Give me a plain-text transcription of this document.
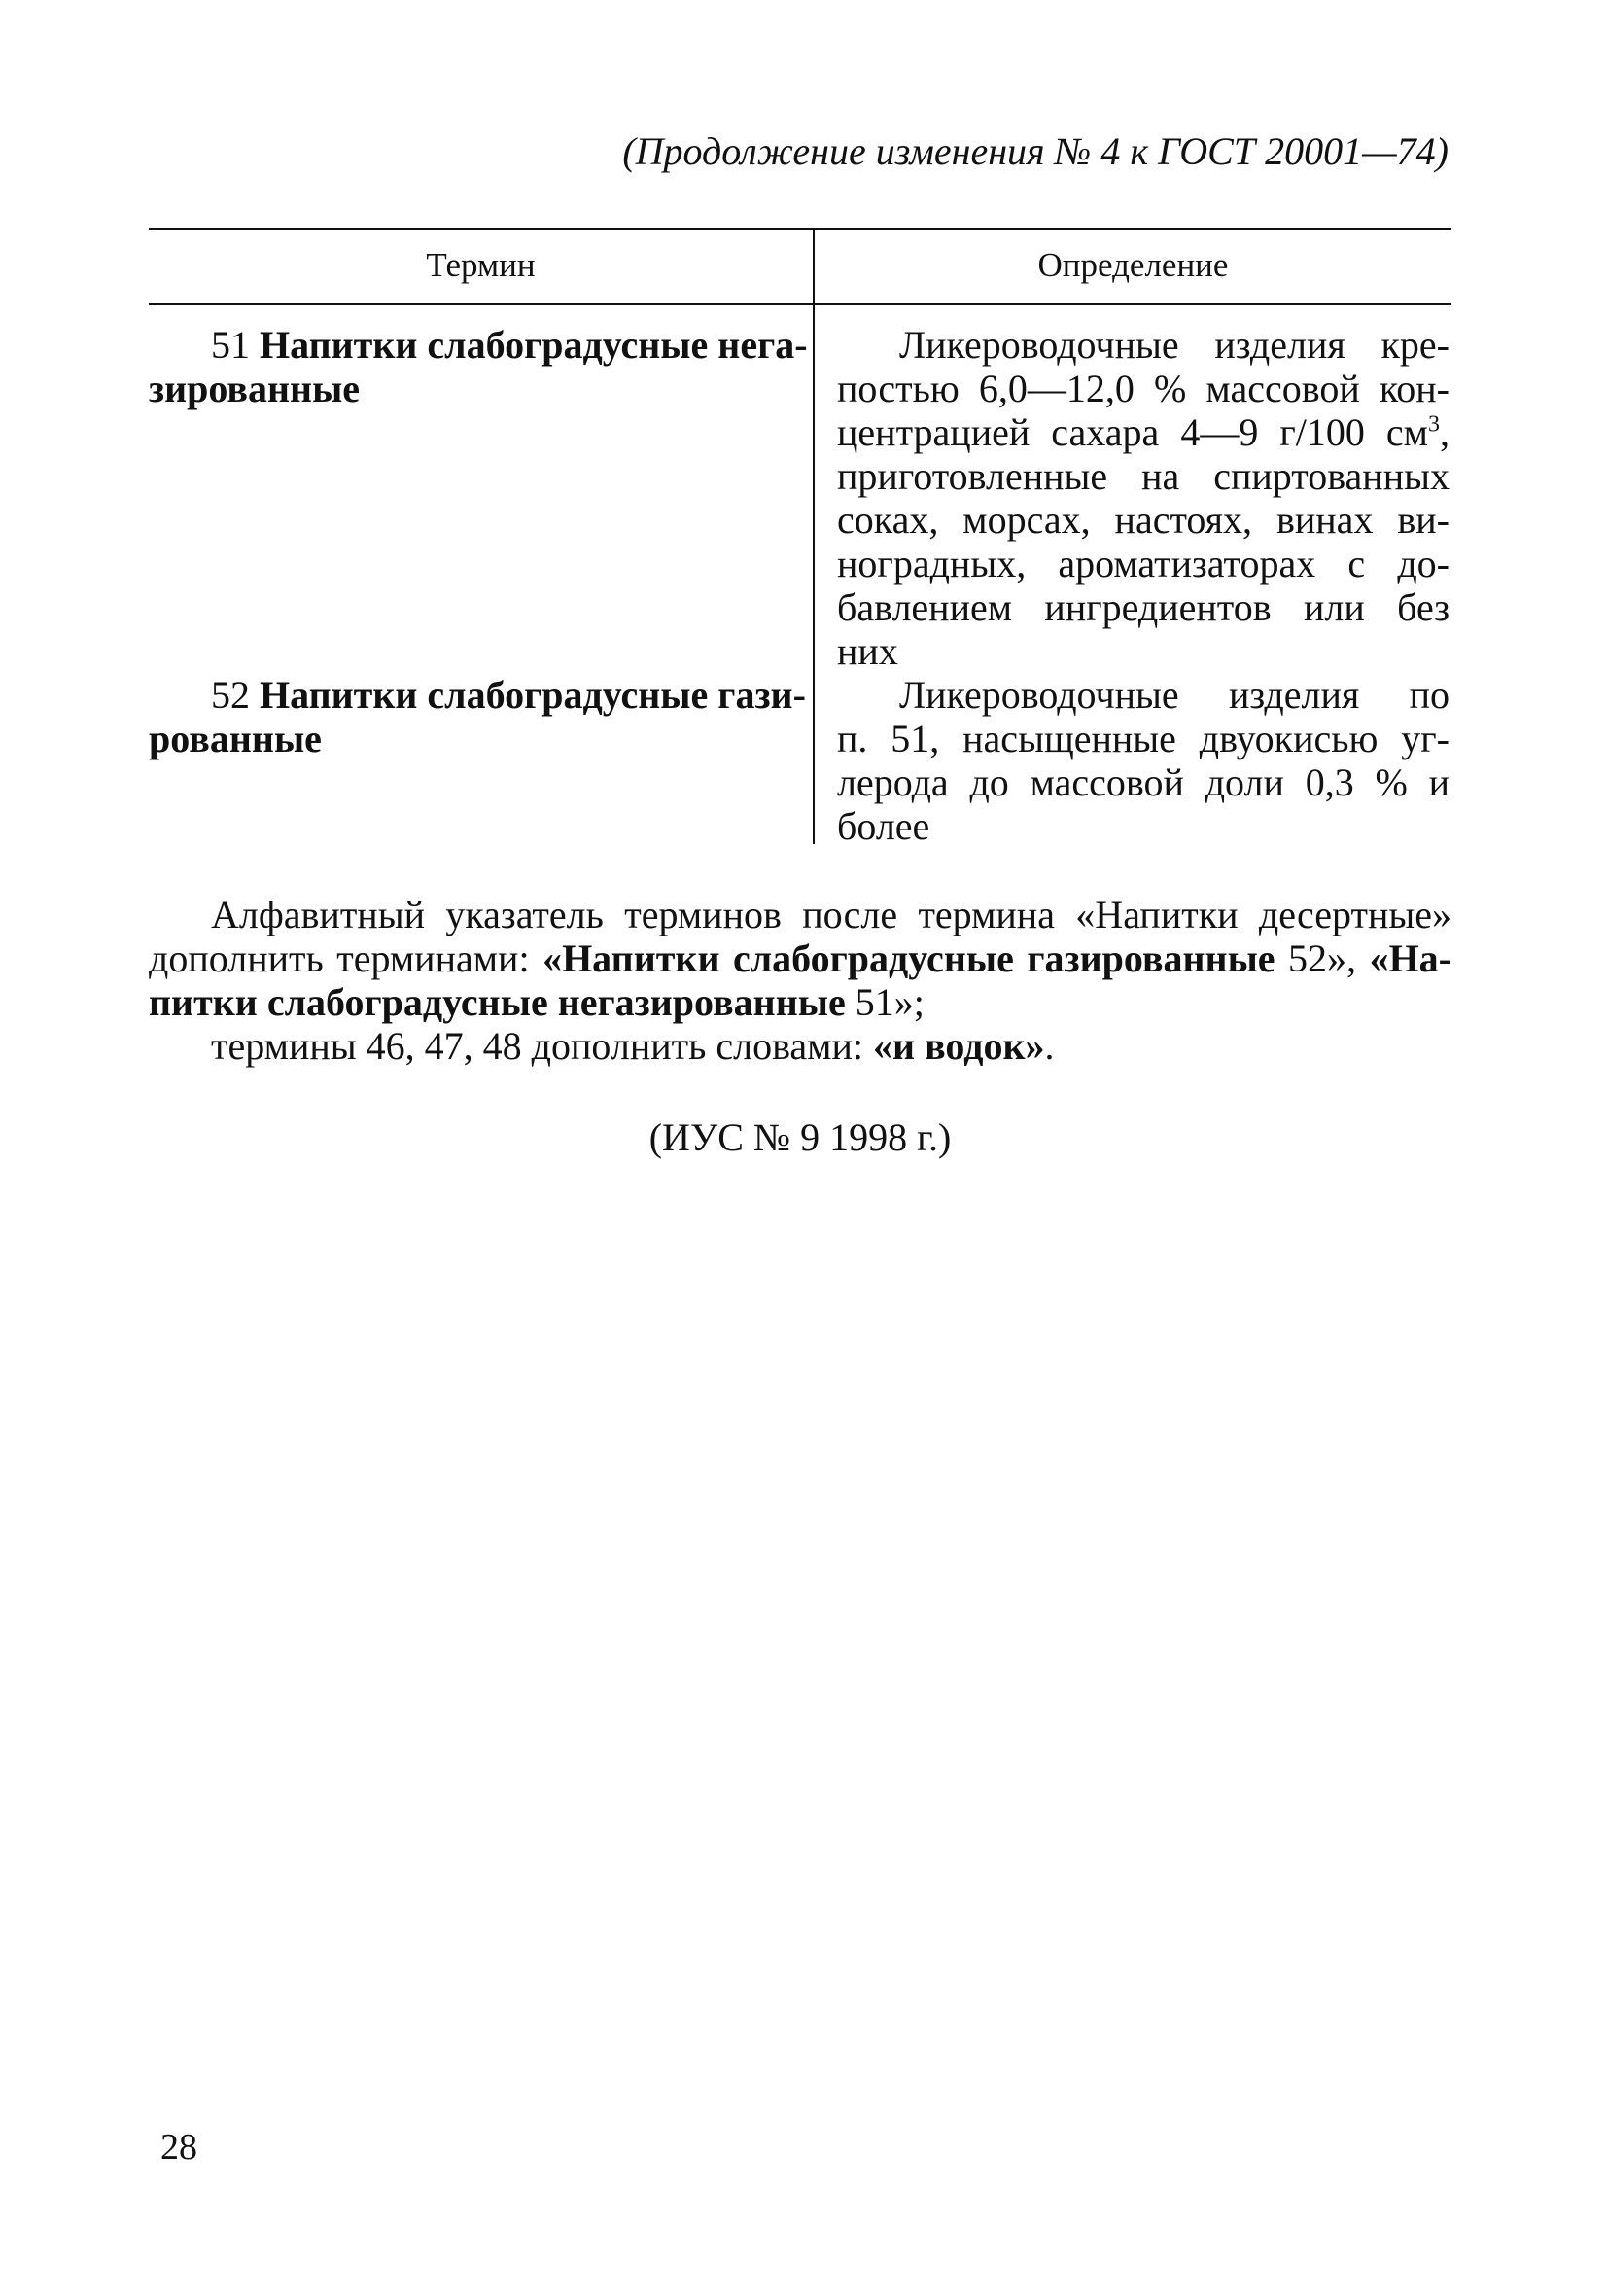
(Продолжение изменения № 4 к ГОСТ 20001—74)
Термин	Определение
51 Напитки слабоградусные нега-
зированные
Ликероводочные изделия кре-
постью 6,0—12,0 % массовой кон-
центрацией сахара 4—9 г/100 $см^3$,
приготовленные на спиртованных
соках, морсах, настоях, винах ви-
ноградных, ароматизаторах с до-
бавлением ингредиентов или без
них
52 Напитки слабоградусные гази-
рованные
Ликероводочные изделия по
п. 51, насыщенные двуокисью уг-
лерода до массовой доли 0,3 % и
более
Алфавитный указатель терминов после термина «Напитки десертные»
дополнить терминами: «Напитки слабоградусные газированные 52», «На-
питки слабоградусные негазированные 51»;
термины 46, 47, 48 дополнить словами: «и водок».
(ИУС № 9 1998 г.)
28
